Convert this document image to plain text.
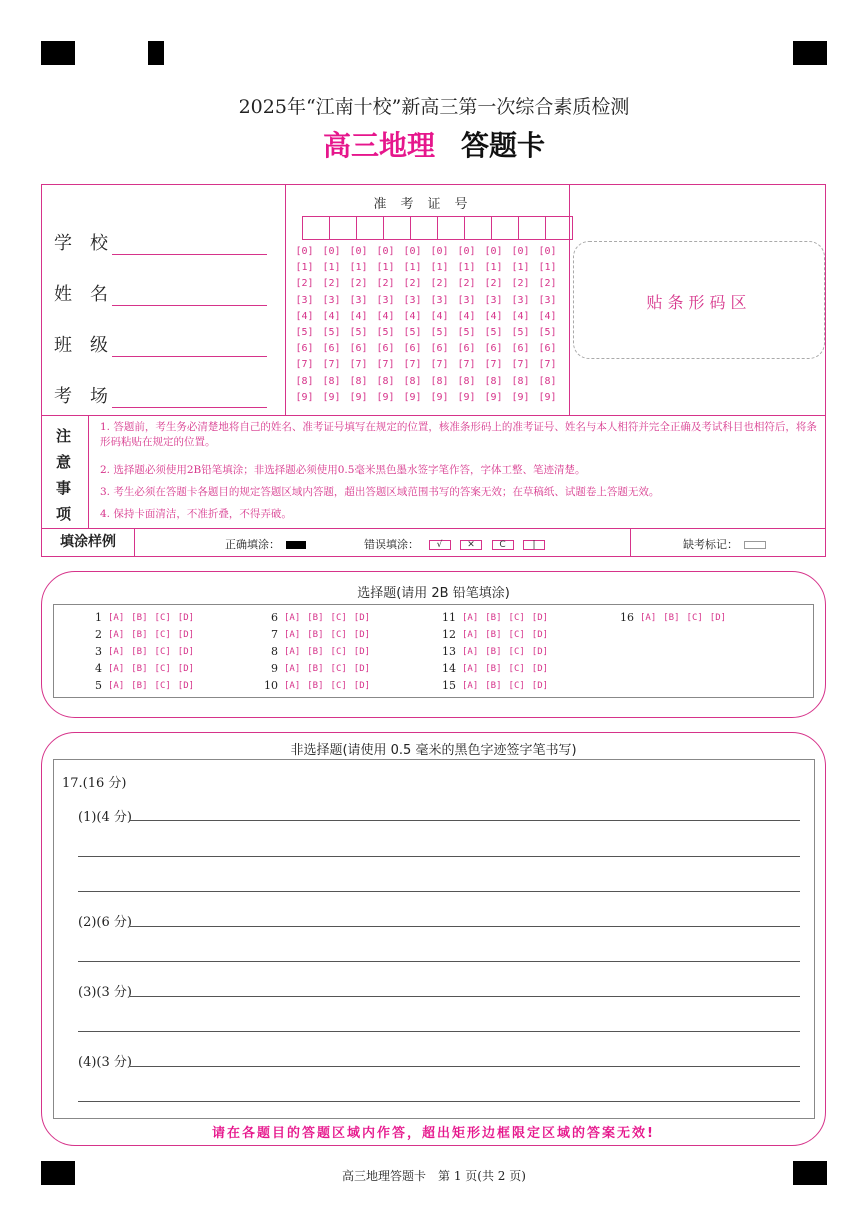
2025年“江南十校”新高三第一次综合素质检测
高三地理 答题卡
学　校
姓　名
班　级
考　场
准考证号
[0] [0] [0] [0] [0] [0] [0] [0] [0] [0]
[1] [1] [1] [1] [1] [1] [1] [1] [1] [1]
[2] [2] [2] [2] [2] [2] [2] [2] [2] [2]
[3] [3] [3] [3] [3] [3] [3] [3] [3] [3]
[4] [4] [4] [4] [4] [4] [4] [4] [4] [4]
[5] [5] [5] [5] [5] [5] [5] [5] [5] [5]
[6] [6] [6] [6] [6] [6] [6] [6] [6] [6]
[7] [7] [7] [7] [7] [7] [7] [7] [7] [7]
[8] [8] [8] [8] [8] [8] [8] [8] [8] [8]
[9] [9] [9] [9] [9] [9] [9] [9] [9] [9]
贴条形码区
注
意
事
项
1. 答题前，考生务必清楚地将自己的姓名、准考证号填写在规定的位置，核准条形码上的准考证号、姓名与本人相符并完全正确及考试科目也相符后，将条形码粘贴在规定的位置。
2. 选择题必须使用2B铅笔填涂；非选择题必须使用0.5毫米黑色墨水签字笔作答，字体工整、笔迹清楚。
3. 考生必须在答题卡各题目的规定答题区域内答题，超出答题区域范围书写的答案无效；在草稿纸、试题卷上答题无效。
4. 保持卡面清洁，不准折叠，不得弄破。
填涂样例	正确填涂：	错误填涂： √	✕	C	|	缺考标记：
选择题(请用 2B 铅笔填涂)
1 [A] [B] [C] [D]
2 [A] [B] [C] [D]
3 [A] [B] [C] [D]
4 [A] [B] [C] [D]
5 [A] [B] [C] [D]
6 [A] [B] [C] [D]
7 [A] [B] [C] [D]
8 [A] [B] [C] [D]
9 [A] [B] [C] [D]
10 [A] [B] [C] [D]
11 [A] [B] [C] [D]
12 [A] [B] [C] [D]
13 [A] [B] [C] [D]
14 [A] [B] [C] [D]
15 [A] [B] [C] [D]
16 [A] [B] [C] [D]
非选择题(请使用 0.5 毫米的黑色字迹签字笔书写)
17.(16 分)
(1)(4 分)
(2)(6 分)
(3)(3 分)
(4)(3 分)
请在各题目的答题区域内作答，超出矩形边框限定区域的答案无效!
高三地理答题卡　第 1 页(共 2 页)
